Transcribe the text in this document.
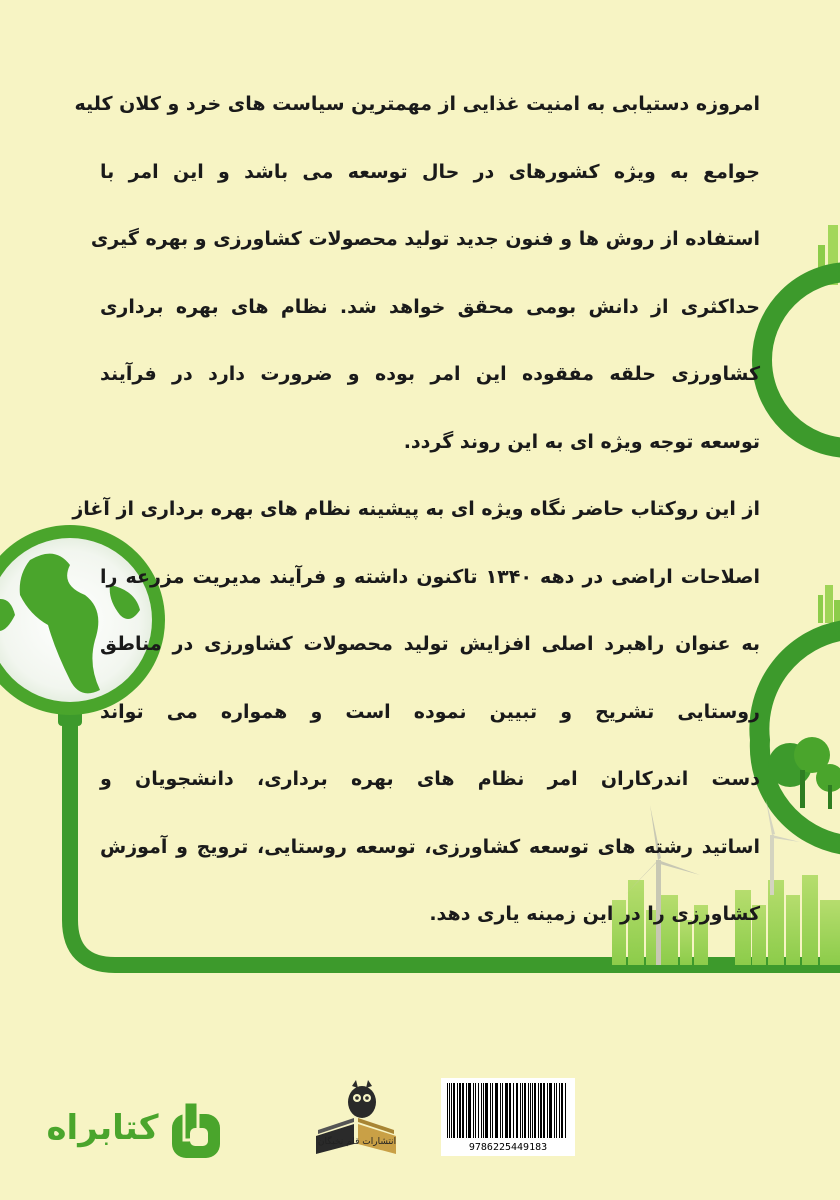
امروزه دستیابی به امنیت غذایی از مهمترین سیاست های خرد و کلان کلیه
جوامع به ویژه کشورهای در حال توسعه می باشد و این امر با
استفاده از روش ها و فنون جدید تولید محصولات کشاورزی و بهره گیری
حداکثری از دانش بومی محقق خواهد شد. نظام های بهره برداری
کشاورزی حلقه مفقوده این امر بوده و ضرورت دارد در فرآیند
توسعه توجه ویژه ای به این روند گردد.
از این روکتاب حاضر نگاه ویژه ای به پیشینه نظام های بهره برداری از آغاز
اصلاحات اراضی در دهه ۱۳۴۰ تاکنون داشته و فرآیند مدیریت مزرعه را
به عنوان راهبرد اصلی افزایش تولید محصولات کشاورزی در مناطق
روستایی تشریح و تبیین نموده است و همواره می تواند
دست اندرکاران امر نظام های بهره برداری، دانشجویان و
اساتید رشته های توسعه کشاورزی، توسعه روستایی، ترویج و آموزش
کشاورزی را در این زمینه یاری دهد.
کتابراه	انتشارات قلم نخبگان	9786225449183
